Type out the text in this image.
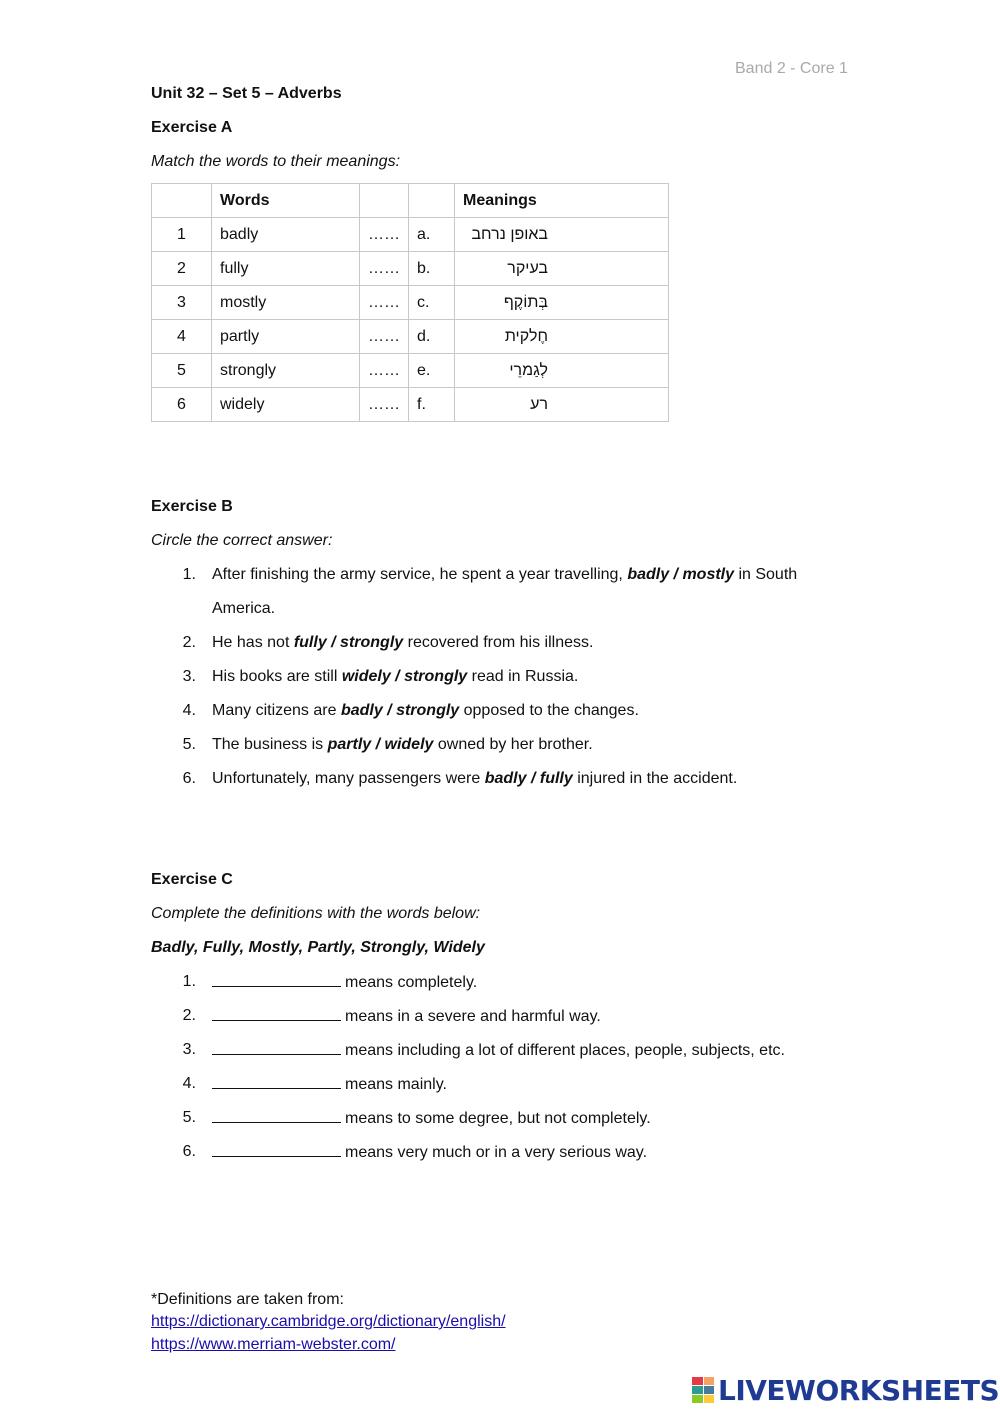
Band 2 - Core 1
Unit 32 – Set 5 – Adverbs
Exercise A
Match the words to their meanings:
	Words			Meanings
1	badly	……	a.	באופן נרחב
2	fully	……	b.	בעיקר
3	mostly	……	c.	בְּתוֹקֶף
4	partly	……	d.	חֶלקית
5	strongly	……	e.	לְגַמרֵי
6	widely	……	f.	רע
Exercise B
Circle the correct answer:
1. After finishing the army service, he spent a year travelling, badly / mostly in South
America.
2. He has not fully / strongly recovered from his illness.
3. His books are still widely / strongly read in Russia.
4. Many citizens are badly / strongly opposed to the changes.
5. The business is partly / widely owned by her brother.
6. Unfortunately, many passengers were badly / fully injured in the accident.
Exercise C
Complete the definitions with the words below:
Badly, Fully, Mostly, Partly, Strongly, Widely
1.	means completely.
2.	means in a severe and harmful way.
3.	means including a lot of different places, people, subjects, etc.
4.	means mainly.
5.	means to some degree, but not completely.
6.	means very much or in a very serious way.
*Definitions are taken from:
https://dictionary.cambridge.org/dictionary/english/
https://www.merriam-webster.com/
LIVEWORKSHEETS
